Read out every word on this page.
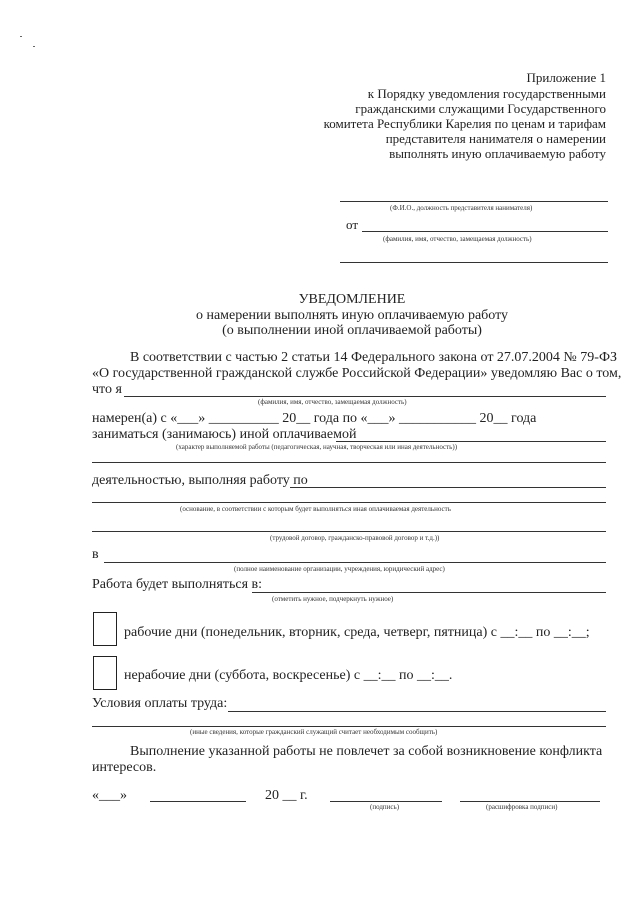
Приложение 1
к Порядку уведомления государственными
гражданскими служащими Государственного
комитета Республики Карелия по ценам и тарифам
представителя нанимателя о намерении
выполнять иную оплачиваемую работу
(Ф.И.О., должность представителя нанимателя)
от
(фамилия, имя, отчество, замещаемая должность)
УВЕДОМЛЕНИЕ
о намерении выполнять иную оплачиваемую работу
(о выполнении иной оплачиваемой работы)
В соответствии с частью 2 статьи 14 Федерального закона от 27.07.2004 № 79-ФЗ
«О государственной гражданской службе Российской Федерации» уведомляю Вас о том,
что я
(фамилия, имя, отчество, замещаемая должность)
намерен(а) с «___» __________ 20__ года по «___» ___________ 20__ года
заниматься (занимаюсь) иной оплачиваемой
(характер выполняемой работы (педагогическая, научная, творческая или иная деятельность))
деятельностью, выполняя работу по
(основание, в соответствии с которым будет выполняться иная оплачиваемая деятельность
(трудовой договор, гражданско-правовой договор и т.д.))
в
(полное наименование организации, учреждения, юридический адрес)
Работа будет выполняться в:
(отметить нужное, подчеркнуть нужное)
рабочие дни (понедельник, вторник, среда, четверг, пятница) с __:__ по __:__;
нерабочие дни (суббота, воскресенье) с __:__ по __:__.
Условия оплаты труда:
(иные сведения, которые гражданский служащий считает необходимым сообщить)
Выполнение указанной работы не повлечет за собой возникновение конфликта
интересов.
«___»	20 __ г.
(подпись)	(расшифровка подписи)
